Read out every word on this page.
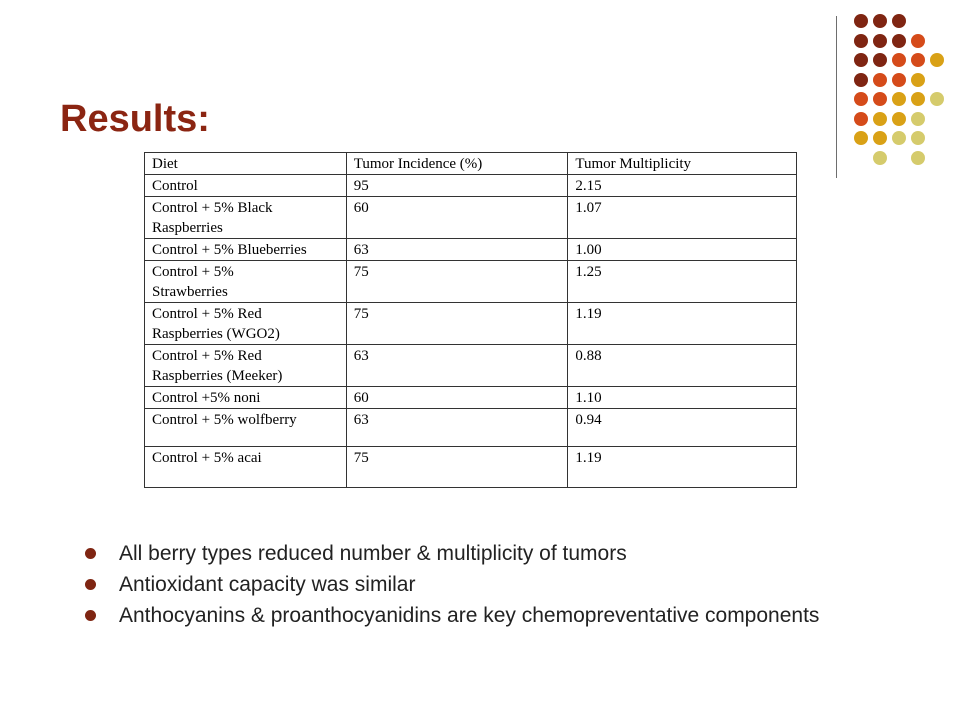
Results:
Diet	Tumor Incidence (%)	Tumor Multiplicity
Control	95	2.15
Control + 5% Black
Raspberries	60	1.07
Control + 5% Blueberries	63	1.00
Control + 5%
Strawberries	75	1.25
Control + 5% Red
Raspberries (WGO2)	75	1.19
Control + 5% Red
Raspberries (Meeker)	63	0.88
Control +5% noni	60	1.10
Control + 5% wolfberry	63	0.94
Control + 5% acai	75	1.19
All berry types reduced number & multiplicity of tumors
Antioxidant capacity was similar
Anthocyanins & proanthocyanidins are key chemopreventative components
